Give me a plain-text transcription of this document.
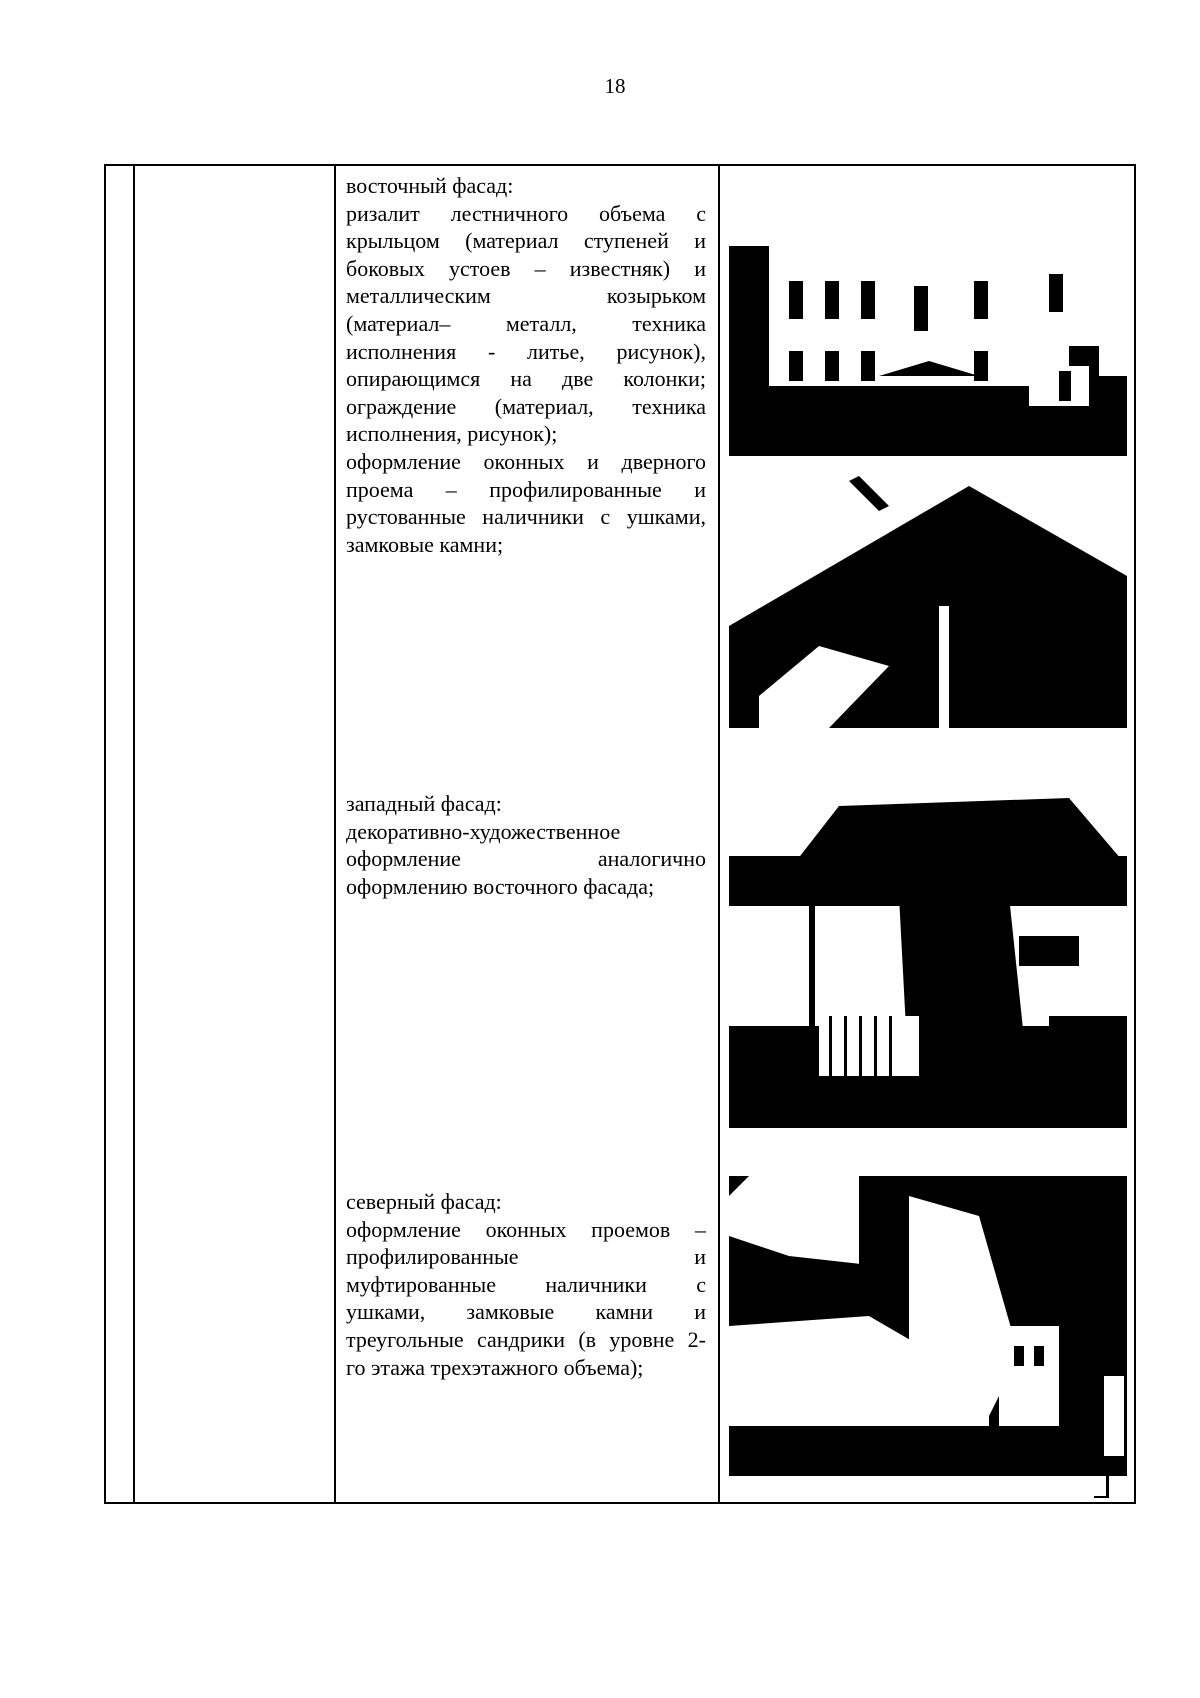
18

восточный фасад:

ризалит лестничного объема с

крыльцом (материал ступеней и

боковых устоев – известняк) и

металлическим козырьком

(материал– металл, техника

исполнения - литье, рисунок),

опирающимся на две колонки;

ограждение (материал, техника

исполнения, рисунок);

оформление оконных и дверного

проема – профилированные и

рустованные наличники с ушками,

замковые камни;

западный фасад:

декоративно-художественное

оформление аналогично

оформлению восточного фасада;

северный фасад:

оформление оконных проемов –

профилированные и

муфтированные наличники с

ушками, замковые камни и

треугольные сандрики (в уровне 2-

го этажа трехэтажного объема);
